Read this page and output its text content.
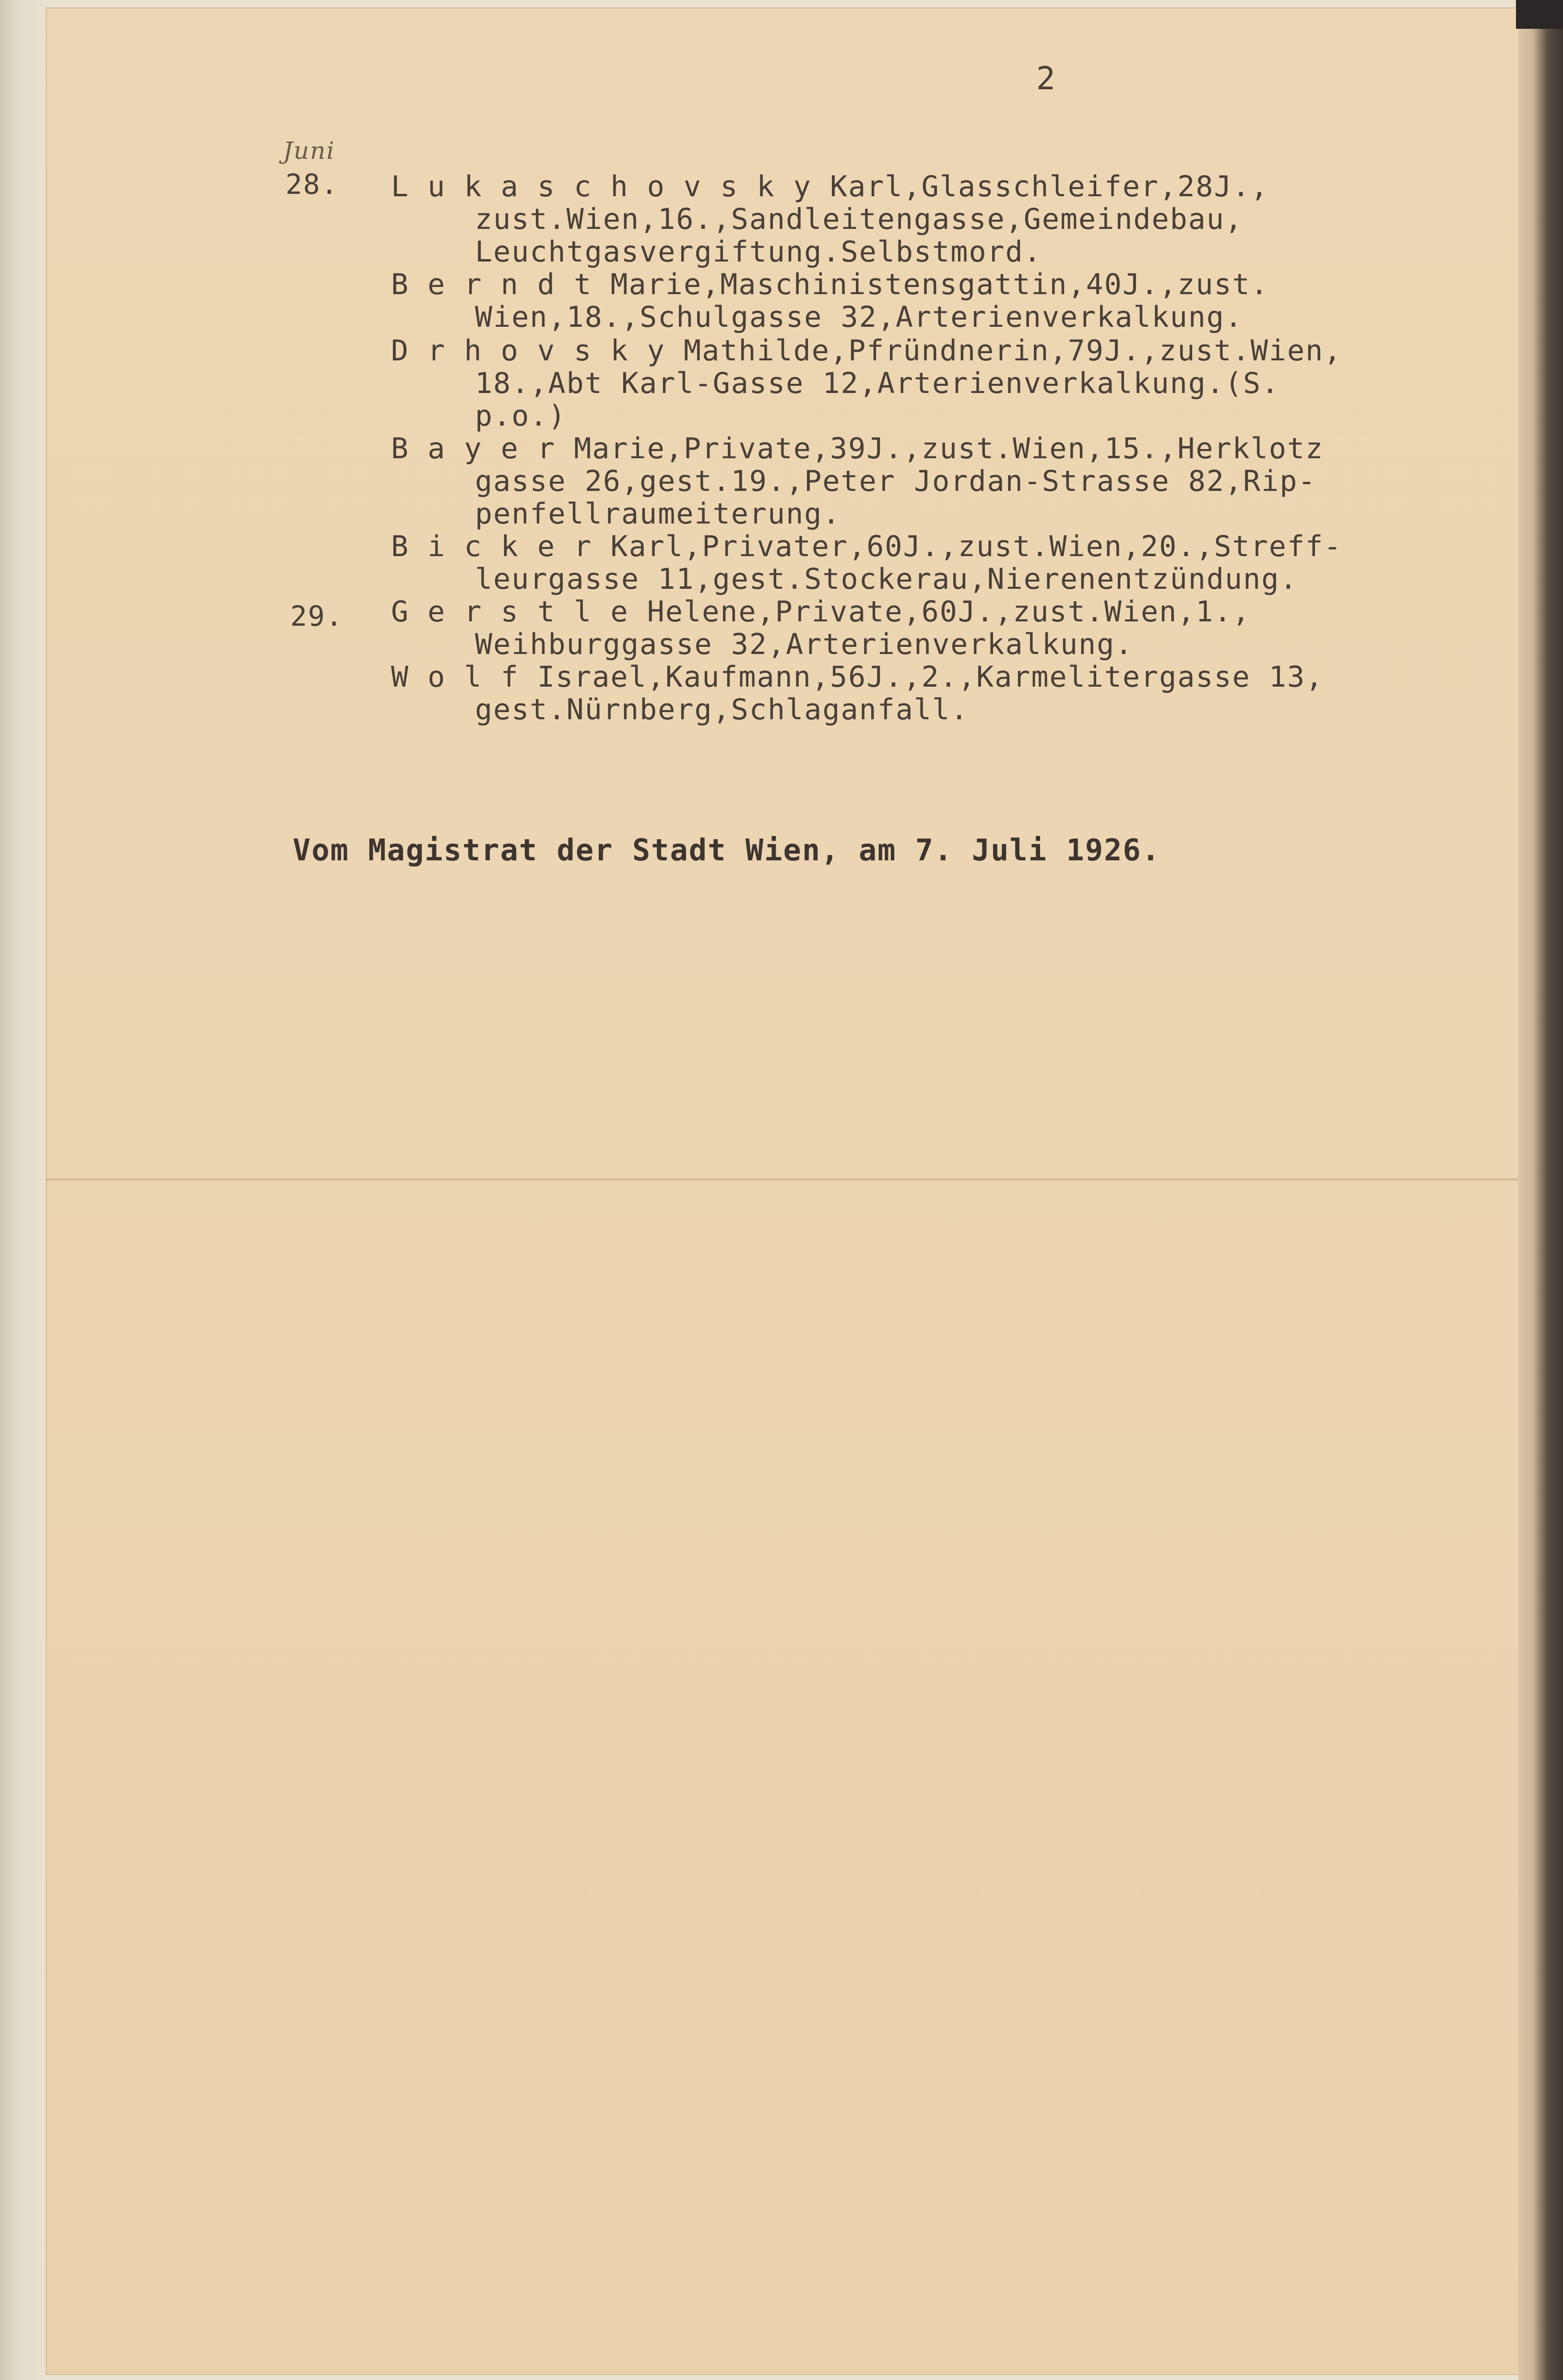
2
Juni
28. L u k a s c h o v s k y Karl,Glasschleifer,28J.,
zust.Wien,16.,Sandleitengasse,Gemeindebau,
Leuchtgasvergiftung.Selbstmord.
B e r n d t Marie,Maschinistensgattin,40J.,zust.
Wien,18.,Schulgasse 32,Arterienverkalkung.
D r h o v s k y Mathilde,Pfründnerin,79J.,zust.Wien,
18.,Abt Karl-Gasse 12,Arterienverkalkung.(S.
p.o.)
B a y e r Marie,Private,39J.,zust.Wien,15.,Herklotz
gasse 26,gest.19.,Peter Jordan-Strasse 82,Rip-
penfellraumeiterung.
B i c k e r Karl,Privater,60J.,zust.Wien,20.,Streff-
leurgasse 11,gest.Stockerau,Nierenentzündung.
29. G e r s t l e Helene,Private,60J.,zust.Wien,1.,
Weihburggasse 32,Arterienverkalkung.
W o l f Israel,Kaufmann,56J.,2.,Karmelitergasse 13,
gest.Nürnberg,Schlaganfall.
Vom Magistrat der Stadt Wien, am 7. Juli 1926.
